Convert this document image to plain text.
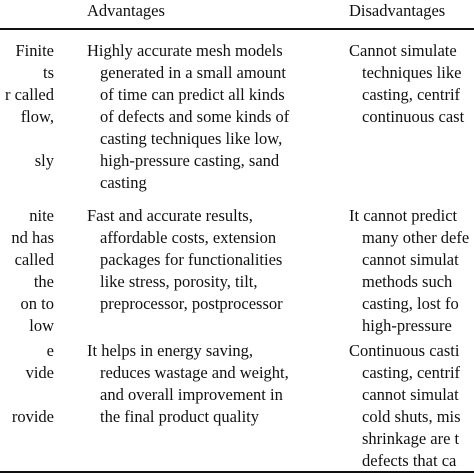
Advantages	Disadvantages
Finite
ts
r called
flow,
sly
Highly accurate mesh models
generated in a small amount
of time can predict all kinds
of defects and some kinds of
casting techniques like low,
high-pressure casting, sand
casting
Cannot simulate
techniques like
casting, centrif
continuous cast
nite
nd has
called
the
on to
low
Fast and accurate results,
affordable costs, extension
packages for functionalities
like stress, porosity, tilt,
preprocessor, postprocessor
It cannot predict
many other defe
cannot simulat
methods such
casting, lost fo
high-pressure
e
vide
rovide
It helps in energy saving,
reduces wastage and weight,
and overall improvement in
the final product quality
Continuous casti
casting, centrif
cannot simulat
cold shuts, mis
shrinkage are t
defects that ca
